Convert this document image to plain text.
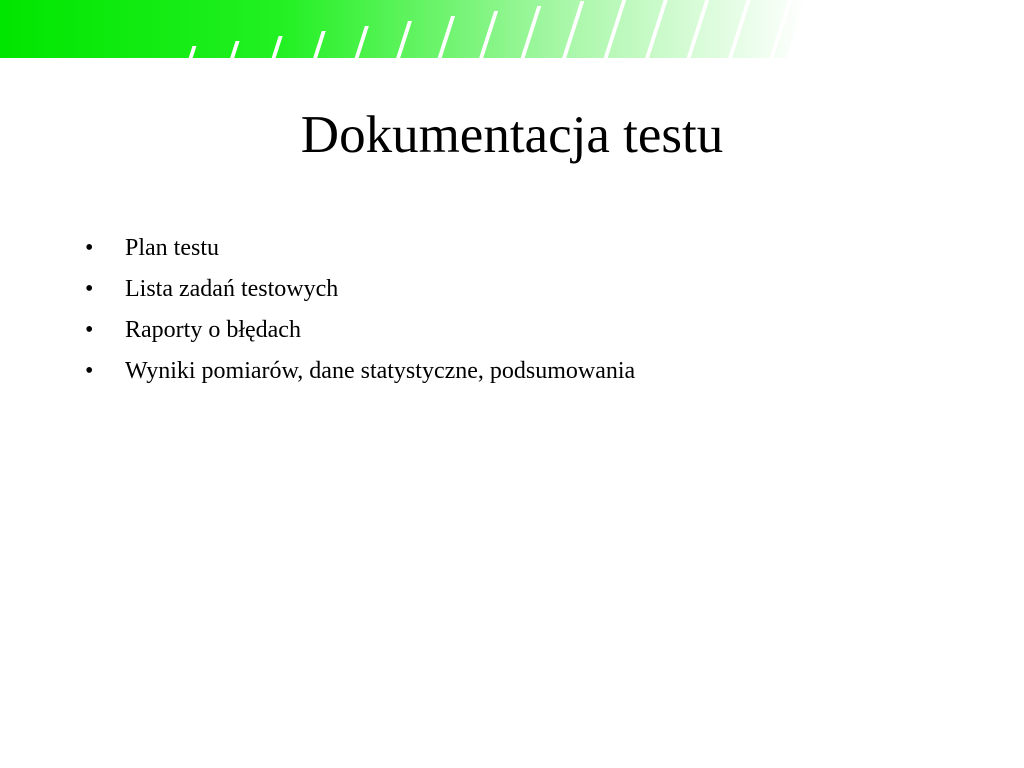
Dokumentacja testu
•	Plan testu
•	Lista zadań testowych
•	Raporty o błędach
•	Wyniki pomiarów, dane statystyczne, podsumowania
